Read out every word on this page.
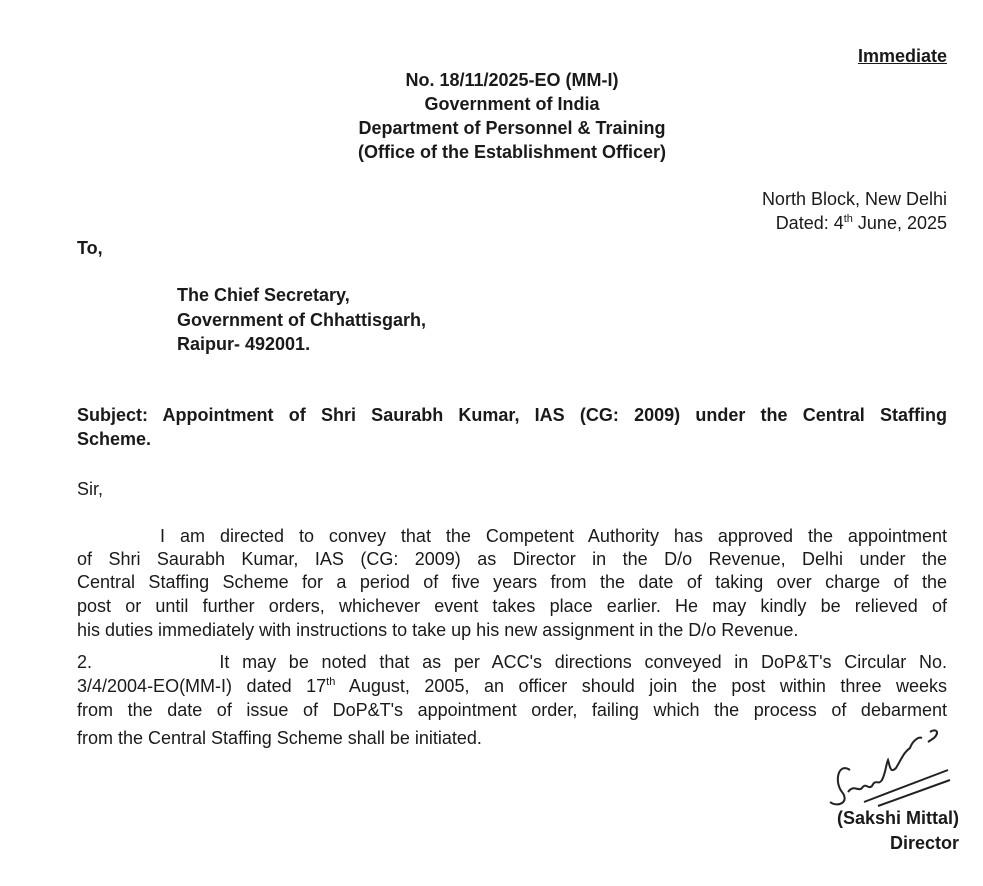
Immediate
No. 18/11/2025-EO (MM-I)
Government of India
Department of Personnel & Training
(Office of the Establishment Officer)
North Block, New Delhi
Dated: 4th June, 2025
To,
The Chief Secretary,
Government of Chhattisgarh,
Raipur- 492001.
Subject: Appointment of Shri Saurabh Kumar, IAS (CG: 2009) under the Central Staffing
Scheme.
Sir,
I am directed to convey that the Competent Authority has approved the appointment
of Shri Saurabh Kumar, IAS (CG: 2009) as Director in the D/o Revenue, Delhi under the
Central Staffing Scheme for a period of five years from the date of taking over charge of the
post or until further orders, whichever event takes place earlier. He may kindly be relieved of
his duties immediately with instructions to take up his new assignment in the D/o Revenue.
2.          It may be noted that as per ACC's directions conveyed in DoP&T's Circular No.
3/4/2004-EO(MM-I) dated 17th August, 2005, an officer should join the post within three weeks
from the date of issue of DoP&T's appointment order, failing which the process of debarment
from the Central Staffing Scheme shall be initiated.
(Sakshi Mittal)
Director
